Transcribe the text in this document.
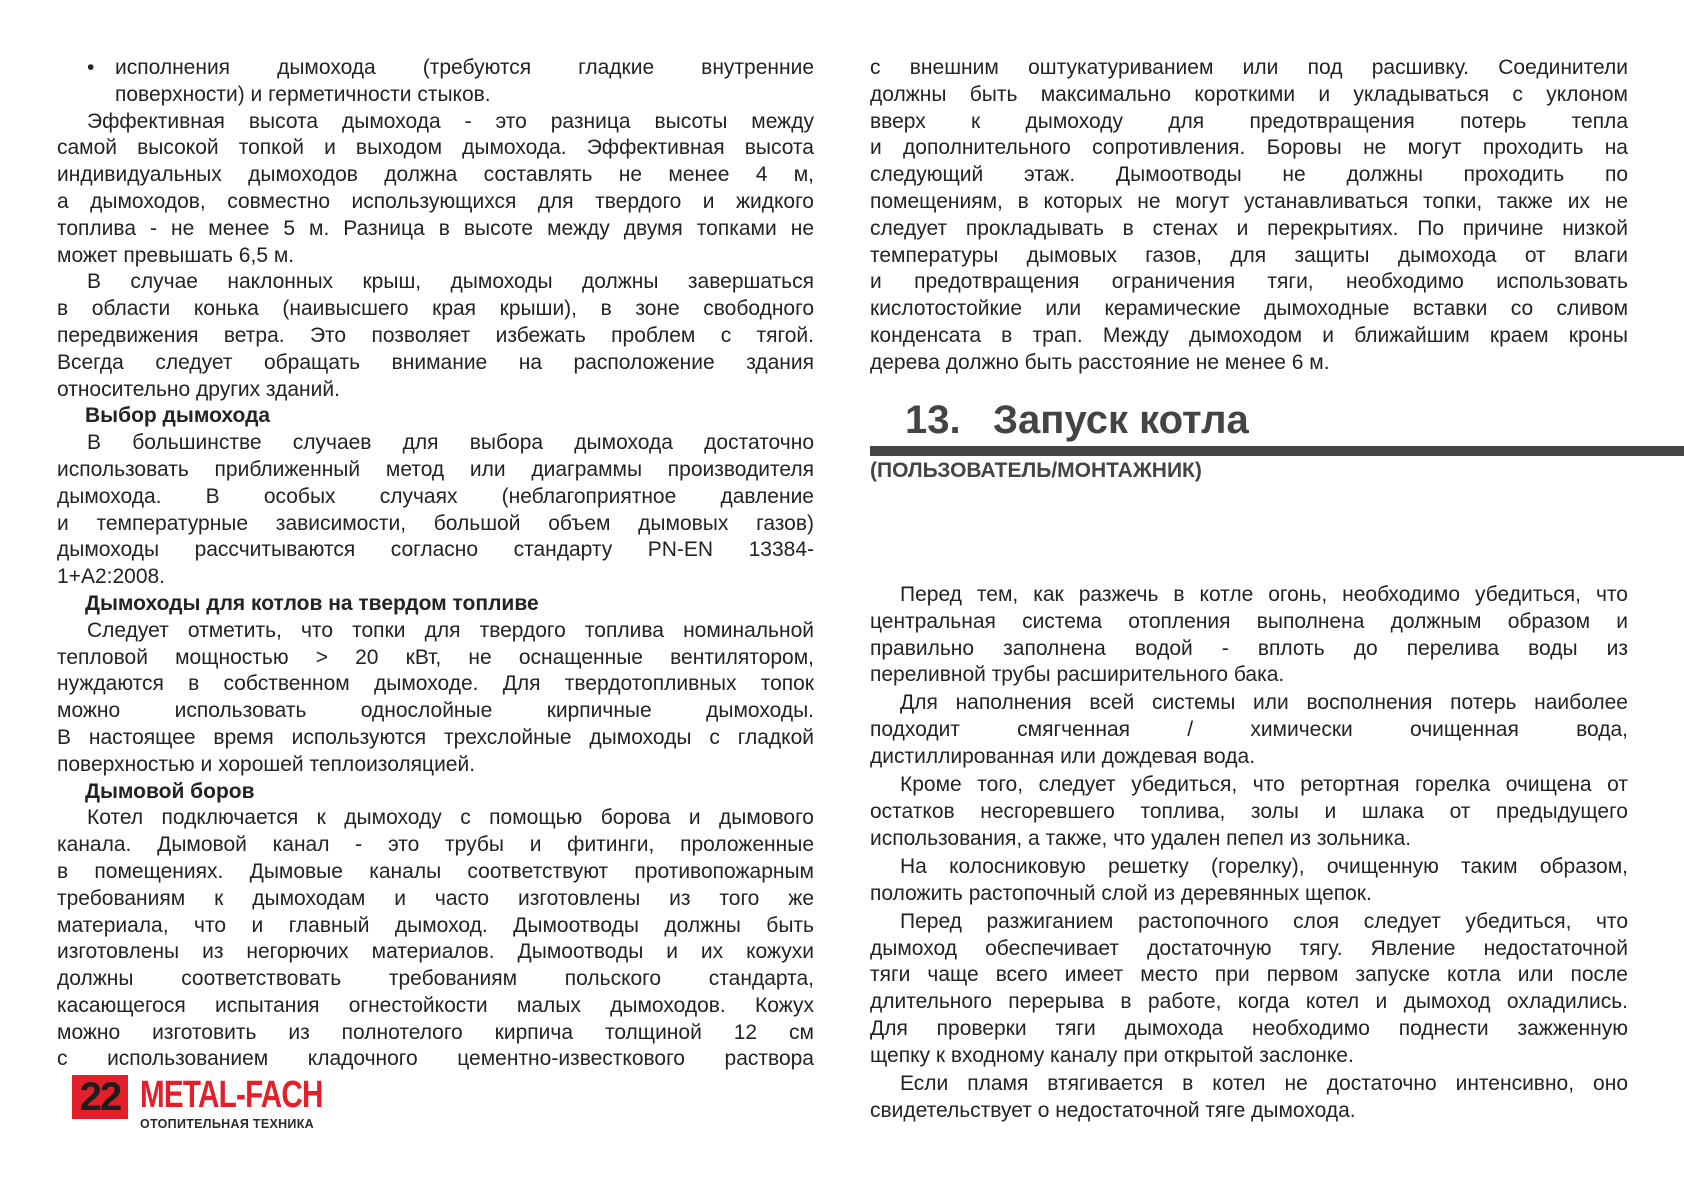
• исполнения дымохода (требуются гладкие внутренние
поверхности) и герметичности стыков.
Эффективная высота дымохода - это разница высоты между
самой высокой топкой и выходом дымохода. Эффективная высота
индивидуальных дымоходов должна составлять не менее 4 м,
а дымоходов, совместно использующихся для твердого и жидкого
топлива - не менее 5 м. Разница в высоте между двумя топками не
может превышать 6,5 м.
В случае наклонных крыш, дымоходы должны завершаться
в области конька (наивысшего края крыши), в зоне свободного
передвижения ветра. Это позволяет избежать проблем с тягой.
Всегда следует обращать внимание на расположение здания
относительно других зданий.
Выбор дымохода
В большинстве случаев для выбора дымохода достаточно
использовать приближенный метод или диаграммы производителя
дымохода. В особых случаях (неблагоприятное давление
и температурные зависимости, большой объем дымовых газов)
дымоходы рассчитываются согласно стандарту PN-EN 13384-
1+A2:2008.
Дымоходы для котлов на твердом топливе
Следует отметить, что топки для твердого топлива номинальной
тепловой мощностью > 20 кВт, не оснащенные вентилятором,
нуждаются в собственном дымоходе. Для твердотопливных топок
можно использовать однослойные кирпичные дымоходы.
В настоящее время используются трехслойные дымоходы с гладкой
поверхностью и хорошей теплоизоляцией.
Дымовой боров
Котел подключается к дымоходу с помощью борова и дымового
канала. Дымовой канал - это трубы и фитинги, проложенные
в помещениях. Дымовые каналы соответствуют противопожарным
требованиям к дымоходам и часто изготовлены из того же
материала, что и главный дымоход. Дымоотводы должны быть
изготовлены из негорючих материалов. Дымоотводы и их кожухи
должны соответствовать требованиям польского стандарта,
касающегося испытания огнестойкости малых дымоходов. Кожух
можно изготовить из полнотелого кирпича толщиной 12 см
с использованием кладочного цементно-известкового раствора
с внешним оштукатуриванием или под расшивку. Соединители
должны быть максимально короткими и укладываться с уклоном
вверх к дымоходу для предотвращения потерь тепла
и дополнительного сопротивления. Боровы не могут проходить на
следующий этаж. Дымоотводы не должны проходить по
помещениям, в которых не могут устанавливаться топки, также их не
следует прокладывать в стенах и перекрытиях. По причине низкой
температуры дымовых газов, для защиты дымохода от влаги
и предотвращения ограничения тяги, необходимо использовать
кислотостойкие или керамические дымоходные вставки со сливом
конденсата в трап. Между дымоходом и ближайшим краем кроны
дерева должно быть расстояние не менее 6 м.
13. Запуск котла
(ПОЛЬЗОВАТЕЛЬ/МОНТАЖНИК)
Перед тем, как разжечь в котле огонь, необходимо убедиться, что
центральная система отопления выполнена должным образом и
правильно заполнена водой - вплоть до перелива воды из
переливной трубы расширительного бака.
Для наполнения всей системы или восполнения потерь наиболее
подходит смягченная / химически очищенная вода,
дистиллированная или дождевая вода.
Кроме того, следует убедиться, что ретортная горелка очищена от
остатков несгоревшего топлива, золы и шлака от предыдущего
использования, а также, что удален пепел из зольника.
На колосниковую решетку (горелку), очищенную таким образом,
положить растопочный слой из деревянных щепок.
Перед разжиганием растопочного слоя следует убедиться, что
дымоход обеспечивает достаточную тягу. Явление недостаточной
тяги чаще всего имеет место при первом запуске котла или после
длительного перерыва в работе, когда котел и дымоход охладились.
Для проверки тяги дымохода необходимо поднести зажженную
щепку к входному каналу при открытой заслонке.
Если пламя втягивается в котел не достаточно интенсивно, оно
свидетельствует о недостаточной тяге дымохода.
22 METAL-FACH
ОТОПИТЕЛЬНАЯ ТЕХНИКА
